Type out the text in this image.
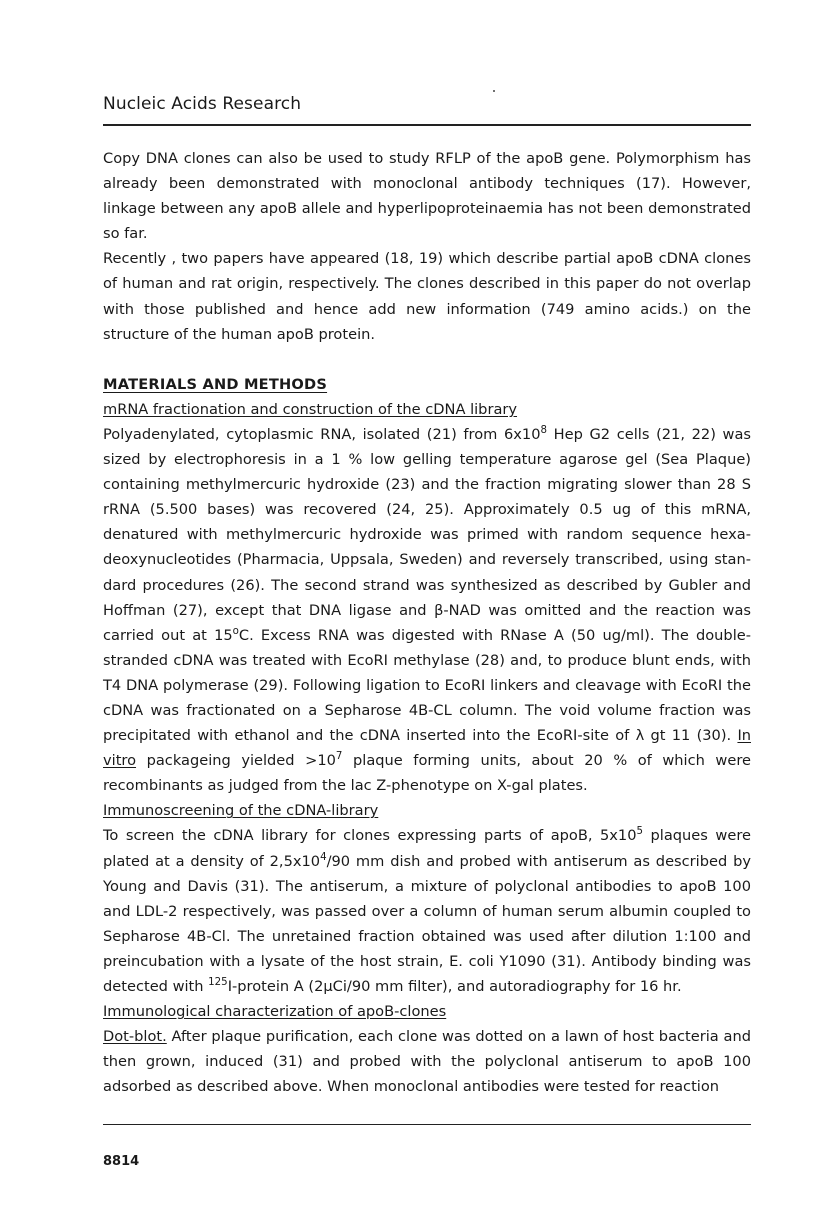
Nucleic Acids Research

Copy DNA clones can also be used to study RFLP of the apoB gene. Polymorphism has already been demonstrated with monoclonal antibody techniques (17). However, linkage between any apoB allele and hyperlipoproteinaemia has not been demonstrated so far.

Recently , two papers have appeared (18, 19) which describe partial apoB cDNA clones of human and rat origin, respectively. The clones described in this paper do not overlap with those published and hence add new information (749 amino acids.) on the structure of the human apoB protein.

MATERIALS AND METHODS

mRNA fractionation and construction of the cDNA library

Polyadenylated, cytoplasmic RNA, isolated (21) from $6x10^8$ Hep G2 cells (21, 22) was sized by electrophoresis in a 1 % low gelling temperature agarose gel (Sea Plaque) containing methylmercuric hydroxide (23) and the fraction migrating slower than 28 S rRNA (5.500 bases) was recovered (24, 25). Approximately 0.5 ug of this mRNA, denatured with methylmercuric hydroxide was primed with random sequence hexa-deoxynucleotides (Pharmacia, Uppsala, Sweden) and reversely transcribed, using stan-dard procedures (26). The second strand was synthesized as described by Gubler and Hoffman (27), except that DNA ligase and β-NAD was omitted and the reaction was carried out at 15$^o$C. Excess RNA was digested with RNase A (50 ug/ml). The double-stranded cDNA was treated with EcoRI methylase (28) and, to produce blunt ends, with T4 DNA polymerase (29). Following ligation to EcoRI linkers and cleavage with EcoRI the cDNA was fractionated on a Sepharose 4B-CL column. The void volume fraction was precipitated with ethanol and the cDNA inserted into the EcoRI-site of λ gt 11 (30). In vitro packageing yielded $>10^7$ plaque forming units, about 20 % of which were recombinants as judged from the lac Z-phenotype on X-gal plates.

Immunoscreening of the cDNA-library

To screen the cDNA library for clones expressing parts of apoB, $5x10^5$ plaques were plated at a density of $2,5x10^4/90$ mm dish and probed with antiserum as described by Young and Davis (31). The antiserum, a mixture of polyclonal antibodies to apoB 100 and LDL-2 respectively, was passed over a column of human serum albumin coupled to Sepharose 4B-Cl. The unretained fraction obtained was used after dilution 1:100 and preincubation with a lysate of the host strain, E. coli Y1090 (31). Antibody binding was detected with $^{125}$I-protein A (2μCi/90 mm filter), and autoradiography for 16 hr.

Immunological characterization of apoB-clones

Dot-blot. After plaque purification, each clone was dotted on a lawn of host bacteria and then grown, induced (31) and probed with the polyclonal antiserum to apoB 100 adsorbed as described above. When monoclonal antibodies were tested for reaction

8814
